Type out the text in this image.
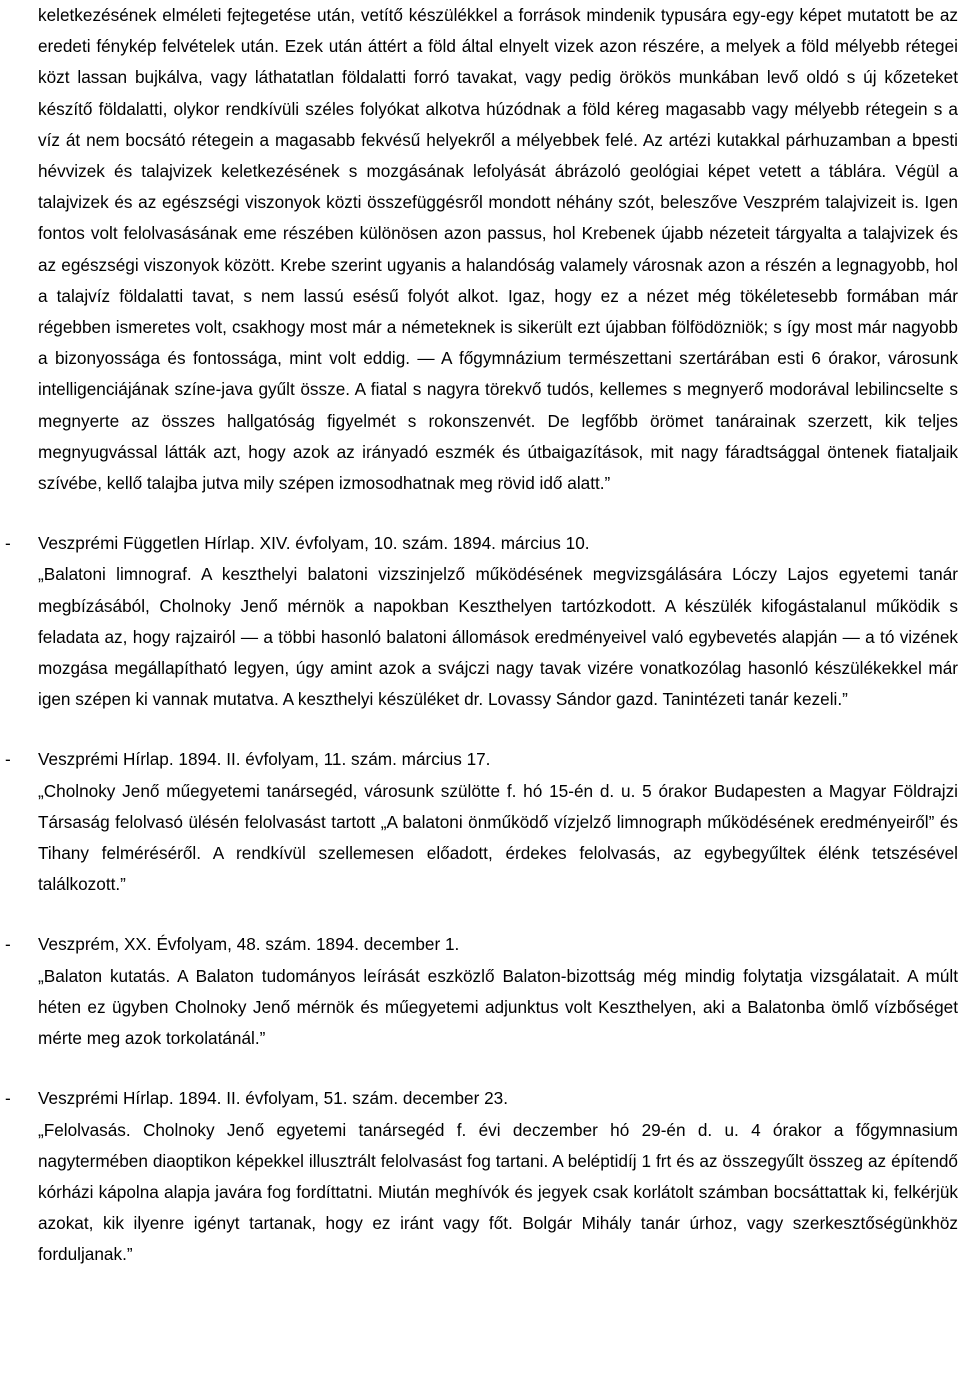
keletkezésének elméleti fejtegetése után, vetítő készülékkel a források mindenik typusára egy-egy képet mutatott be az eredeti fénykép felvételek után. Ezek után áttért a föld által elnyelt vizek azon részére, a melyek a föld mélyebb rétegei közt lassan bujkálva, vagy láthatatlan földalatti forró tavakat, vagy pedig örökös munkában levő oldó s új kőzeteket készítő földalatti, olykor rendkívüli széles folyókat alkotva húzódnak a föld kéreg magasabb vagy mélyebb rétegein s a víz át nem bocsátó rétegein a magasabb fekvésű helyekről a mélyebbek felé. Az artézi kutakkal párhuzamban a bpesti hévvizek és talajvizek keletkezésének s mozgásának lefolyását ábrázoló geológiai képet vetett a táblára. Végül a talajvizek és az egészségi viszonyok közti összefüggésről mondott néhány szót, beleszőve Veszprém talajvizeit is. Igen fontos volt felolvasásának eme részében különösen azon passus, hol Krebenek újabb nézeteit tárgyalta a talajvizek és az egészségi viszonyok között. Krebe szerint ugyanis a halandóság valamely városnak azon a részén a legnagyobb, hol a talajvíz földalatti tavat, s nem lassú esésű folyót alkot. Igaz, hogy ez a nézet még tökéletesebb formában már régebben ismeretes volt, csakhogy most már a németeknek is sikerült ezt újabban fölfödözniök; s így most már nagyobb a bizonyossága és fontossága, mint volt eddig. ― A főgymnázium természettani szertárában esti 6 órakor, városunk intelligenciájának színe-java gyűlt össze. A fiatal s nagyra törekvő tudós, kellemes s megnyerő modorával lebilincselte s megnyerte az összes hallgatóság figyelmét s rokonszenvét. De legfőbb örömet tanárainak szerzett, kik teljes megnyugvással látták azt, hogy azok az irányadó eszmék és útbaigazítások, mit nagy fáradtsággal öntenek fiataljaik szívébe, kellő talajba jutva mily szépen izmosodhatnak meg rövid idő alatt.”

- Veszprémi Független Hírlap. XIV. évfolyam, 10. szám. 1894. március 10.

„Balatoni limnograf. A keszthelyi balatoni vizszinjelző működésének megvizsgálására Lóczy Lajos egyetemi tanár megbízásából, Cholnoky Jenő mérnök a napokban Keszthelyen tartózkodott. A készülék kifogástalanul működik s feladata az, hogy rajzairól ― a többi hasonló balatoni állomások eredményeivel való egybevetés alapján ― a tó vizének mozgása megállapítható legyen, úgy amint azok a svájczi nagy tavak vizére vonatkozólag hasonló készülékekkel már igen szépen ki vannak mutatva. A keszthelyi készüléket dr. Lovassy Sándor gazd. Tanintézeti tanár kezeli.”

- Veszprémi Hírlap. 1894. II. évfolyam, 11. szám. március 17.

„Cholnoky Jenő műegyetemi tanársegéd, városunk szülötte f. hó 15-én d. u. 5 órakor Budapesten a Magyar Földrajzi Társaság felolvasó ülésén felolvasást tartott „A balatoni önműködő vízjelző limnograph működésének eredményeiről” és Tihany felméréséről. A rendkívül szellemesen előadott, érdekes felolvasás, az egybegyűltek élénk tetszésével találkozott.”

- Veszprém, XX. Évfolyam, 48. szám. 1894. december 1.

„Balaton kutatás. A Balaton tudományos leírását eszközlő Balaton-bizottság még mindig folytatja vizsgálatait. A múlt héten ez ügyben Cholnoky Jenő mérnök és műegyetemi adjunktus volt Keszthelyen, aki a Balatonba ömlő vízbőséget mérte meg azok torkolatánál.”

- Veszprémi Hírlap. 1894. II. évfolyam, 51. szám. december 23.

„Felolvasás. Cholnoky Jenő egyetemi tanársegéd f. évi deczember hó 29-én d. u. 4 órakor a főgymnasium nagytermében diaoptikon képekkel illusztrált felolvasást fog tartani. A beléptidíj 1 frt és az összegyűlt összeg az építendő kórházi kápolna alapja javára fog fordíttatni. Miután meghívók és jegyek csak korlátolt számban bocsáttattak ki, felkérjük azokat, kik ilyenre igényt tartanak, hogy ez iránt vagy főt. Bolgár Mihály tanár úrhoz, vagy szerkesztőségünkhöz forduljanak.”
